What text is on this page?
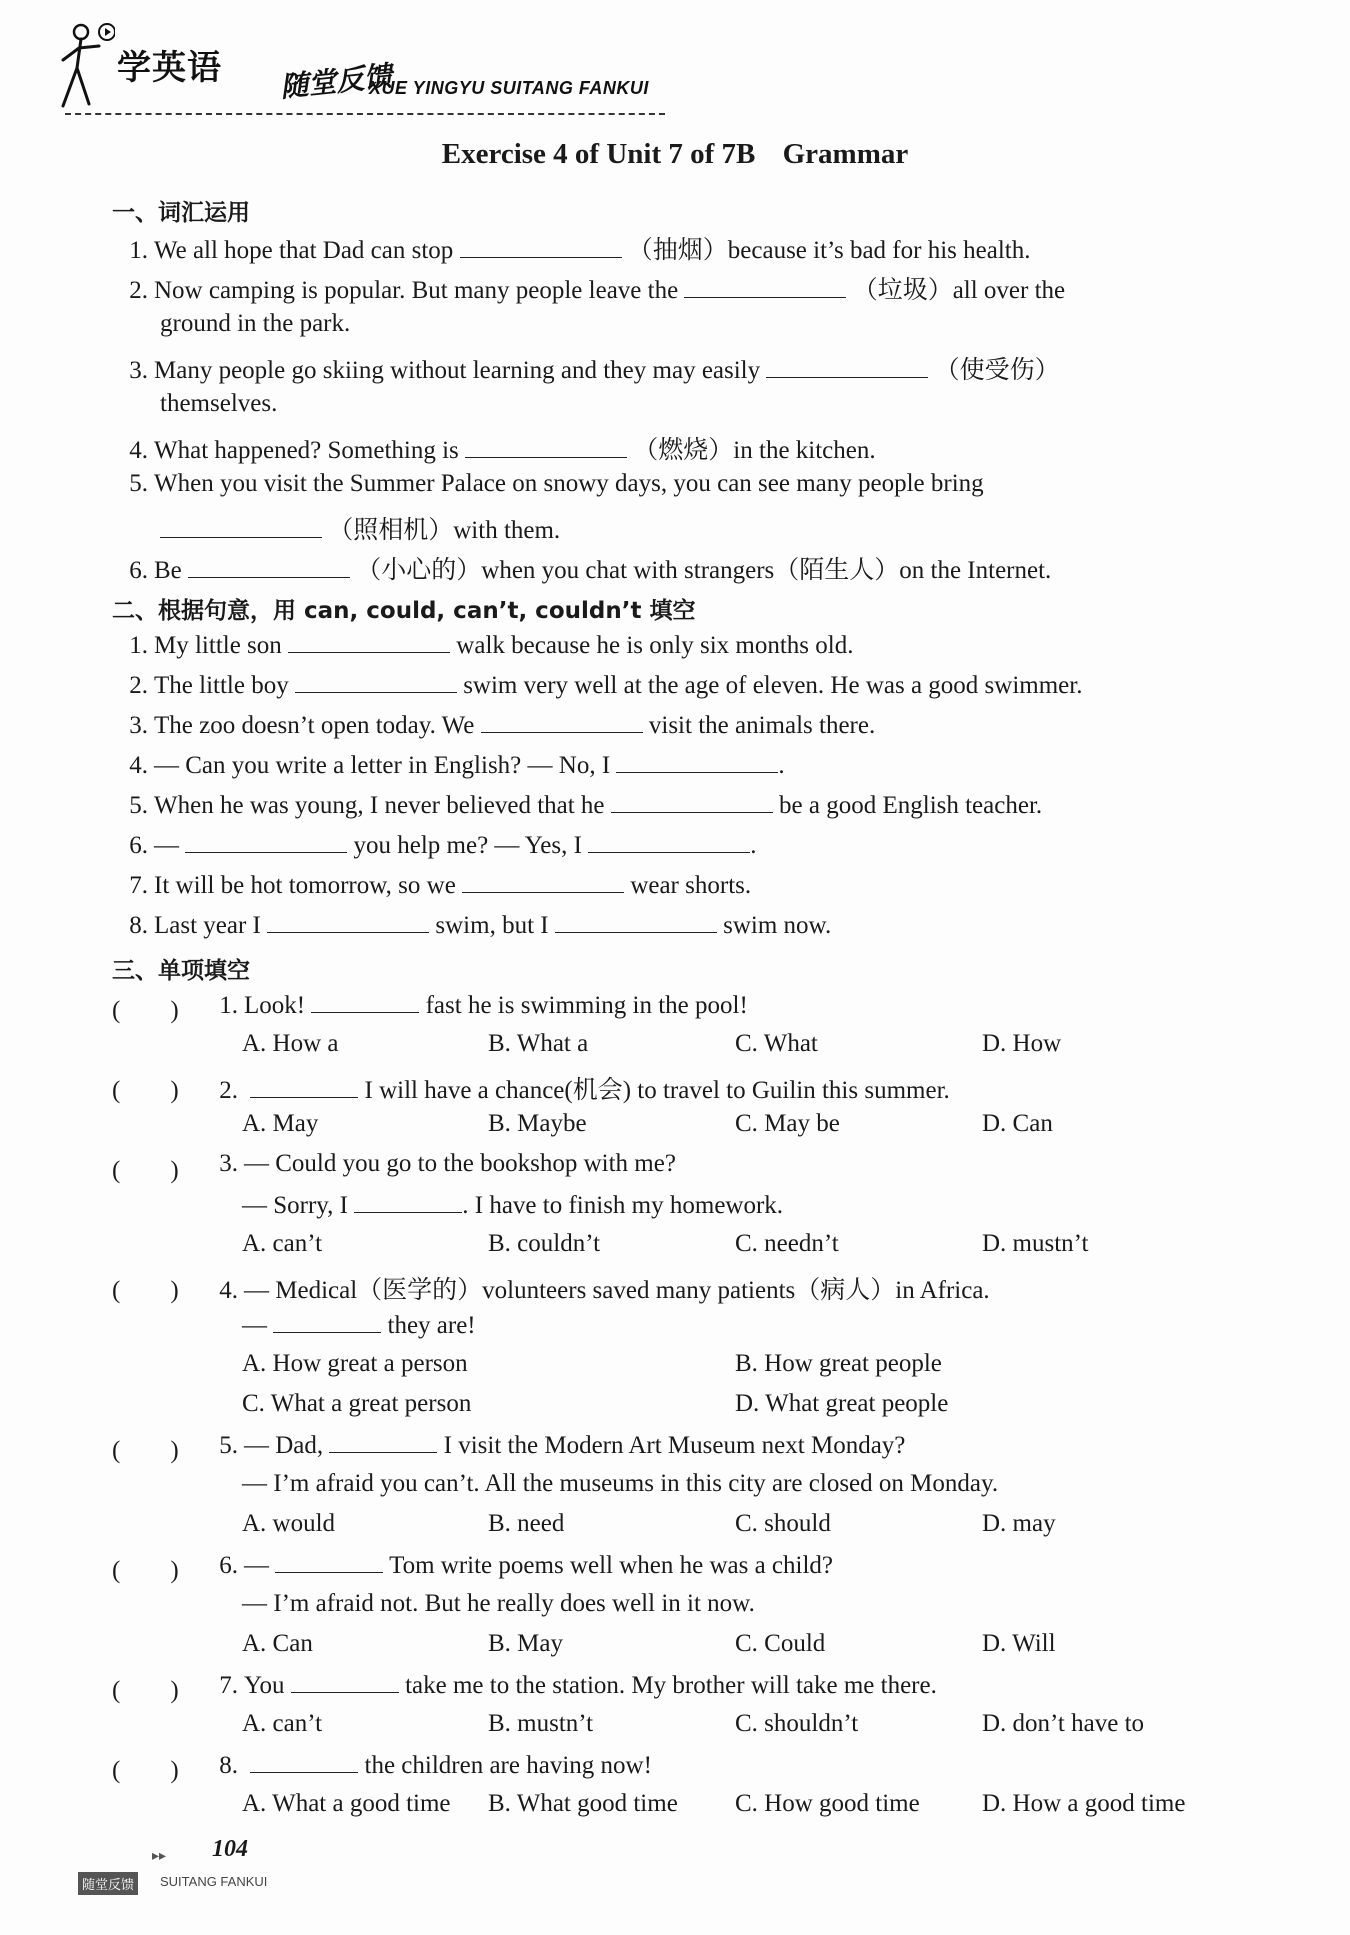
学英语 随堂反馈
XUE YINGYU SUITANG FANKUI
Exercise 4 of Unit 7 of 7B Grammar
一、词汇运用
1. We all hope that Dad can stop	（抽烟）because it’s bad for his health.
2. Now camping is popular. But many people leave the	（垃圾）all over the
ground in the park.
3. Many people go skiing without learning and they may easily	（使受伤）
themselves.
4. What happened? Something is	（燃烧）in the kitchen.
5. When you visit the Summer Palace on snowy days, you can see many people bring
（照相机）with them.
6. Be	（小心的）when you chat with strangers（陌生人）on the Internet.
二、根据句意，用 can, could, can’t, couldn’t 填空
1. My little son	walk because he is only six months old.
2. The little boy	swim very well at the age of eleven. He was a good swimmer.
3. The zoo doesn’t open today. We	visit the animals there.
4. — Can you write a letter in English? — No, I	.
5. When he was young, I never believed that he	be a good English teacher.
6. —	you help me? — Yes, I	.
7. It will be hot tomorrow, so we	wear shorts.
8. Last year I	swim, but I	swim now.
三、单项填空
(　　)	1. Look!	fast he is swimming in the pool!
A. How a	B. What a	C. What	D. How
(　　)	2.	I will have a chance(机会) to travel to Guilin this summer.
A. May	B. Maybe	C. May be	D. Can
(　　)	3. — Could you go to the bookshop with me?
— Sorry, I	. I have to finish my homework.
A. can’t	B. couldn’t	C. needn’t	D. mustn’t
(　　)	4. — Medical（医学的）volunteers saved many patients（病人）in Africa.
—	they are!
A. How great a person	B. How great people
C. What a great person	D. What great people
(　　)	5. — Dad,	I visit the Modern Art Museum next Monday?
— I’m afraid you can’t. All the museums in this city are closed on Monday.
A. would	B. need	C. should	D. may
(　　)	6. —	Tom write poems well when he was a child?
— I’m afraid not. But he really does well in it now.
A. Can	B. May	C. Could	D. Will
(　　)	7. You	take me to the station. My brother will take me there.
A. can’t	B. mustn’t	C. shouldn’t	D. don’t have to
(　　)	8.	the children are having now!
A. What a good time B. What good time C. How good time D. How a good time
▸▸ 104
随堂反馈	SUITANG FANKUI
